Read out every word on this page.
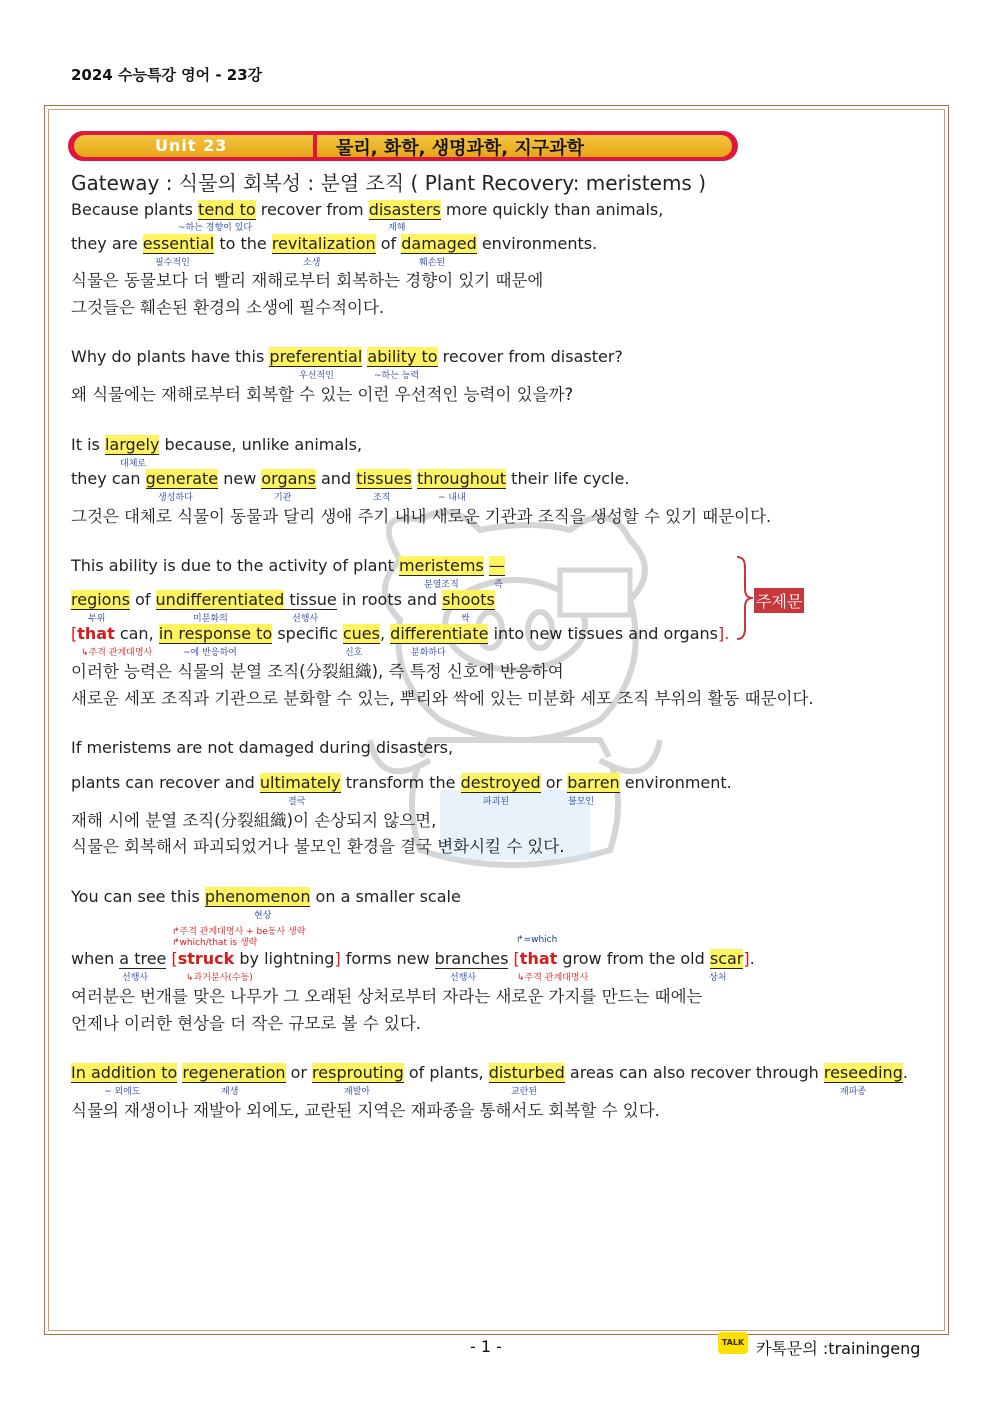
2024 수능특강 영어 - 23강
Unit 23	물리, 화학, 생명과학, 지구과학
Gateway : 식물의 회복성 : 분열 조직 ( Plant Recovery: meristems )
Because plants tend to recover from disasters more quickly than animals,
~하는 경향이 있다	재해
they are essential to the revitalization of damaged environments.
필수적인	소생	훼손된
식물은 동물보다 더 빨리 재해로부터 회복하는 경향이 있기 때문에
그것들은 훼손된 환경의 소생에 필수적이다.
Why do plants have this preferential ability to recover from disaster?
우선적인	~하는 능력
왜 식물에는 재해로부터 회복할 수 있는 이런 우선적인 능력이 있을까?
It is largely because, unlike animals,
대체로
they can generate new organs and tissues throughout their life cycle.
생성하다	기관	조직	~ 내내
그것은 대체로 식물이 동물과 달리 생애 주기 내내 새로운 기관과 조직을 생성할 수 있기 때문이다.
This ability is due to the activity of plant meristems —
분열조직	즉
regions of undifferentiated tissue in roots and shoots
부위	미분화의	선행사	싹
[that can, in response to specific cues, differentiate into new tissues and organs].
↳주격 관계대명사	~에 반응하여	신호	분화하다
주제문
이러한 능력은 식물의 분열 조직(分裂組織), 즉 특정 신호에 반응하여
새로운 세포 조직과 기관으로 분화할 수 있는, 뿌리와 싹에 있는 미분화 세포 조직 부위의 활동 때문이다.
If meristems are not damaged during disasters,
plants can recover and ultimately transform the destroyed or barren environment.
결국	파괴된	불모인
재해 시에 분열 조직(分裂組織)이 손상되지 않으면,
식물은 회복해서 파괴되었거나 불모인 환경을 결국 변화시킬 수 있다.
You can see this phenomenon on a smaller scale
현상
↱주격 관계대명사 + be동사 생략
↱which/that is 생략	↱=which
when a tree [struck by lightning] forms new branches [that grow from the old scar].
선행사	↳과거분사(수동)	선행사	↳주격 관계대명사	상처
여러분은 번개를 맞은 나무가 그 오래된 상처로부터 자라는 새로운 가지를 만드는 때에는
언제나 이러한 현상을 더 작은 규모로 볼 수 있다.
In addition to regeneration or resprouting of plants, disturbed areas can also recover through reseeding.
~ 외에도	재생	재발아	교란된	재파종
식물의 재생이나 재발아 외에도, 교란된 지역은 재파종을 통해서도 회복할 수 있다.
- 1 -	TALK 카톡문의 :trainingeng
